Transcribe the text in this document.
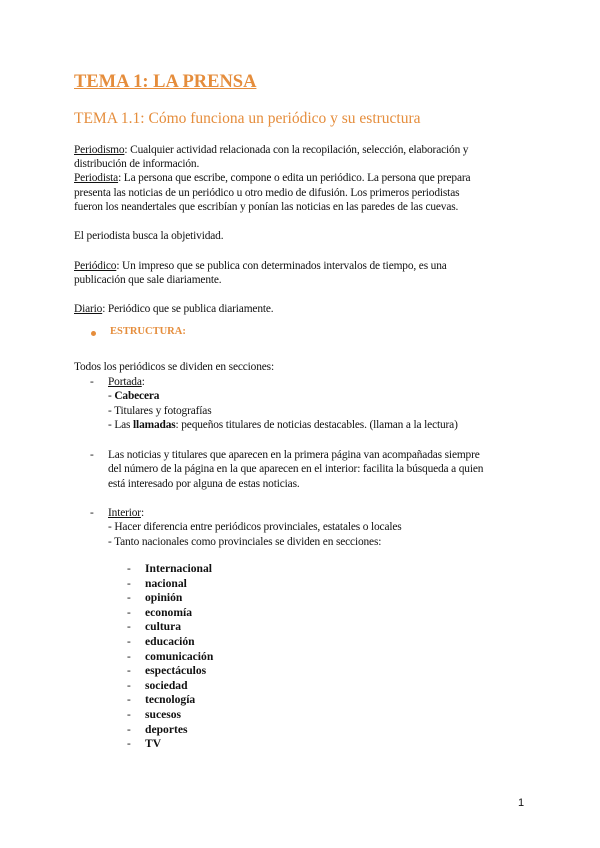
TEMA 1: LA PRENSA
TEMA 1.1: Cómo funciona un periódico y su estructura
Periodismo: Cualquier actividad relacionada con la recopilación, selección, elaboración y
distribución de información.
Periodista: La persona que escribe, compone o edita un periódico. La persona que prepara
presenta las noticias de un periódico u otro medio de difusión. Los primeros periodistas
fueron los neandertales que escribían y ponían las noticias en las paredes de las cuevas.
El periodista busca la objetividad.
Periódico: Un impreso que se publica con determinados intervalos de tiempo, es una
publicación que sale diariamente.
Diario: Periódico que se publica diariamente.
ESTRUCTURA:
Todos los periódicos se dividen en secciones:
- Portada:
- Cabecera
- Titulares y fotografías
- Las llamadas: pequeños titulares de noticias destacables. (llaman a la lectura)
- Las noticias y titulares que aparecen en la primera página van acompañadas siempre
del número de la página en la que aparecen en el interior: facilita la búsqueda a quien
está interesado por alguna de estas noticias.
- Interior:
- Hacer diferencia entre periódicos provinciales, estatales o locales
- Tanto nacionales como provinciales se dividen en secciones:
- Internacional
- nacional
- opinión
- economía
- cultura
- educación
- comunicación
- espectáculos
- sociedad
- tecnología
- sucesos
- deportes
- TV
1
